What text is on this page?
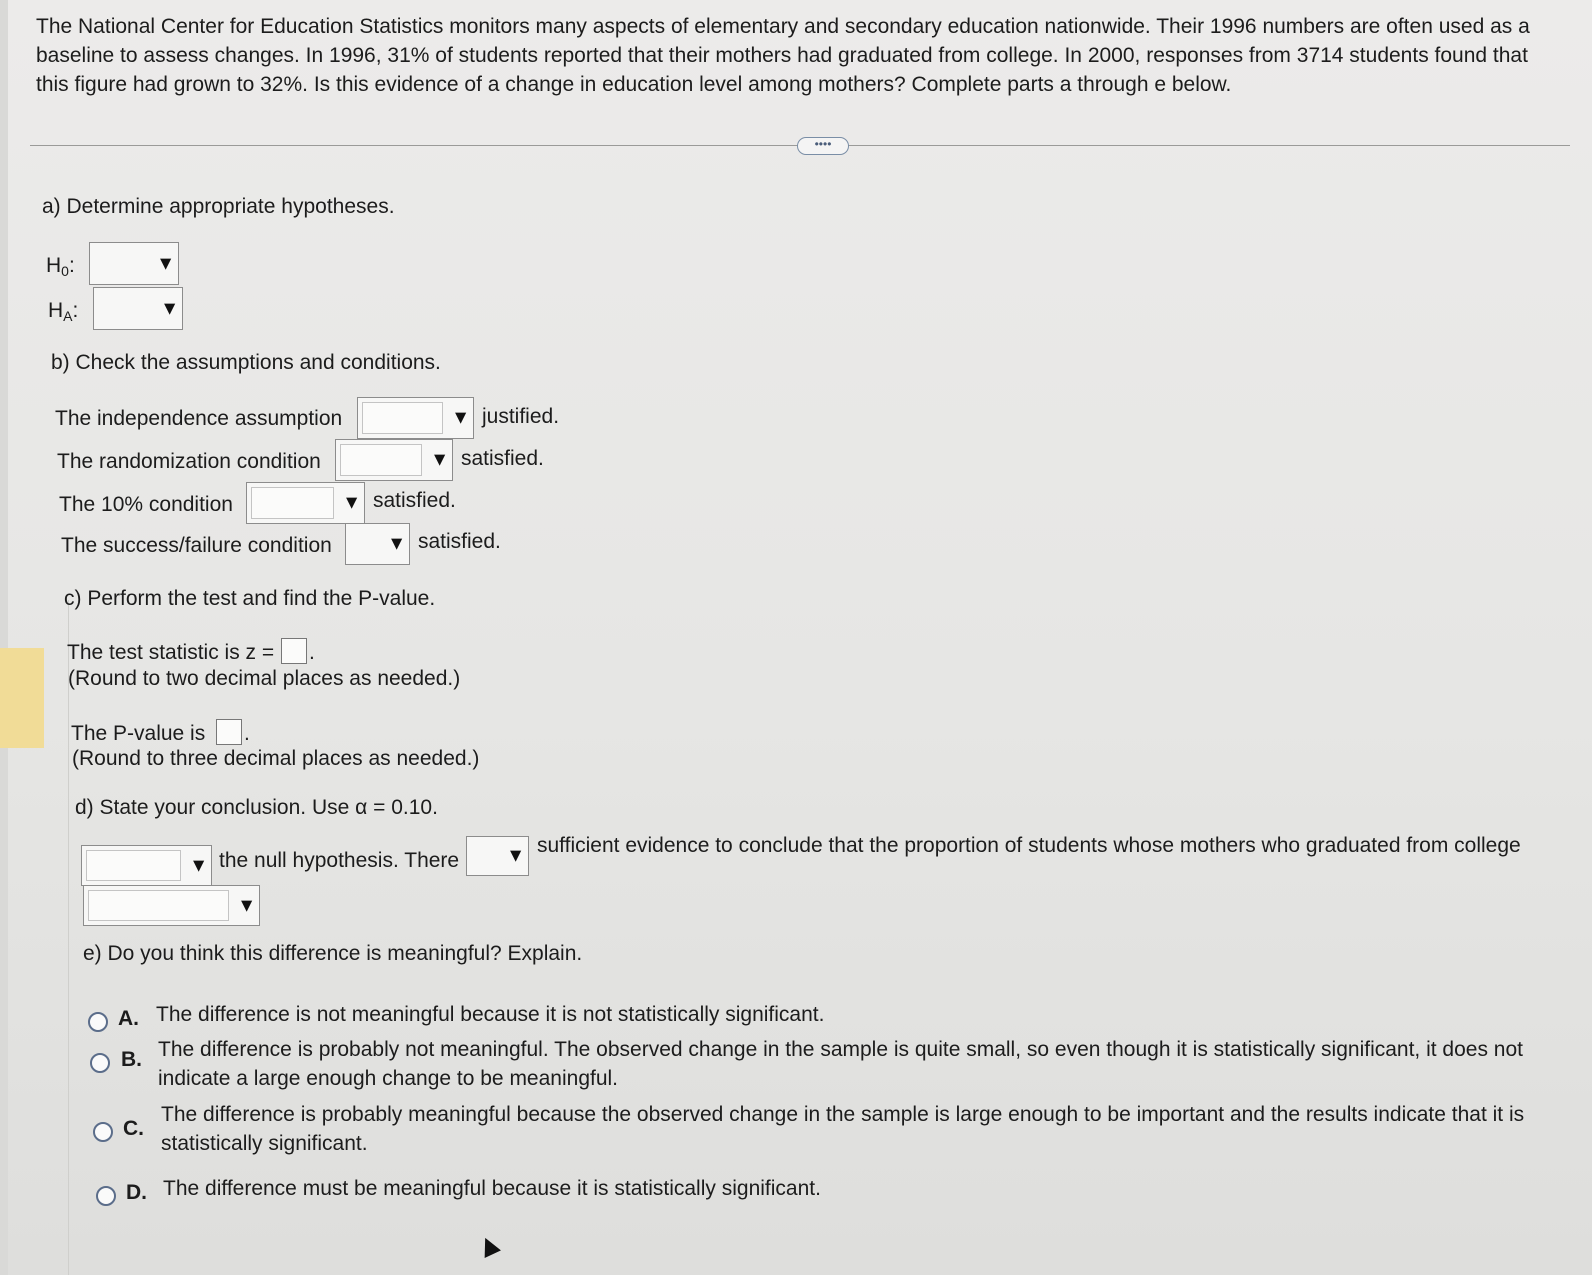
The National Center for Education Statistics monitors many aspects of elementary and secondary education nationwide. Their 1996 numbers are often used as a baseline to assess changes. In 1996, 31% of students reported that their mothers had graduated from college. In 2000, responses from 3714 students found that this figure had grown to 32%. Is this evidence of a change in education level among mothers? Complete parts a through e below.
••••
a) Determine appropriate hypotheses.
$H_0$:	▼
$H_A$:	▼
b) Check the assumptions and conditions.
The independence assumption	▼ justified.
The randomization condition	▼ satisfied.
The 10% condition	▼ satisfied.
The success/failure condition	▼ satisfied.
c) Perform the test and find the P-value.
The test statistic is z = .
(Round to two decimal places as needed.)
The P-value is .
(Round to three decimal places as needed.)
d) State your conclusion. Use α = 0.10.
▼ the null hypothesis. There ▼ sufficient evidence to conclude that the proportion of students whose mothers who graduated from college
▼
e) Do you think this difference is meaningful? Explain.
A. The difference is not meaningful because it is not statistically significant.
B. The difference is probably not meaningful. The observed change in the sample is quite small, so even though it is statistically significant, it does not indicate a large enough change to be meaningful.
C.
The difference is probably meaningful because the observed change in the sample is large enough to be important and the results indicate that it is statistically significant.
D. The difference must be meaningful because it is statistically significant.
